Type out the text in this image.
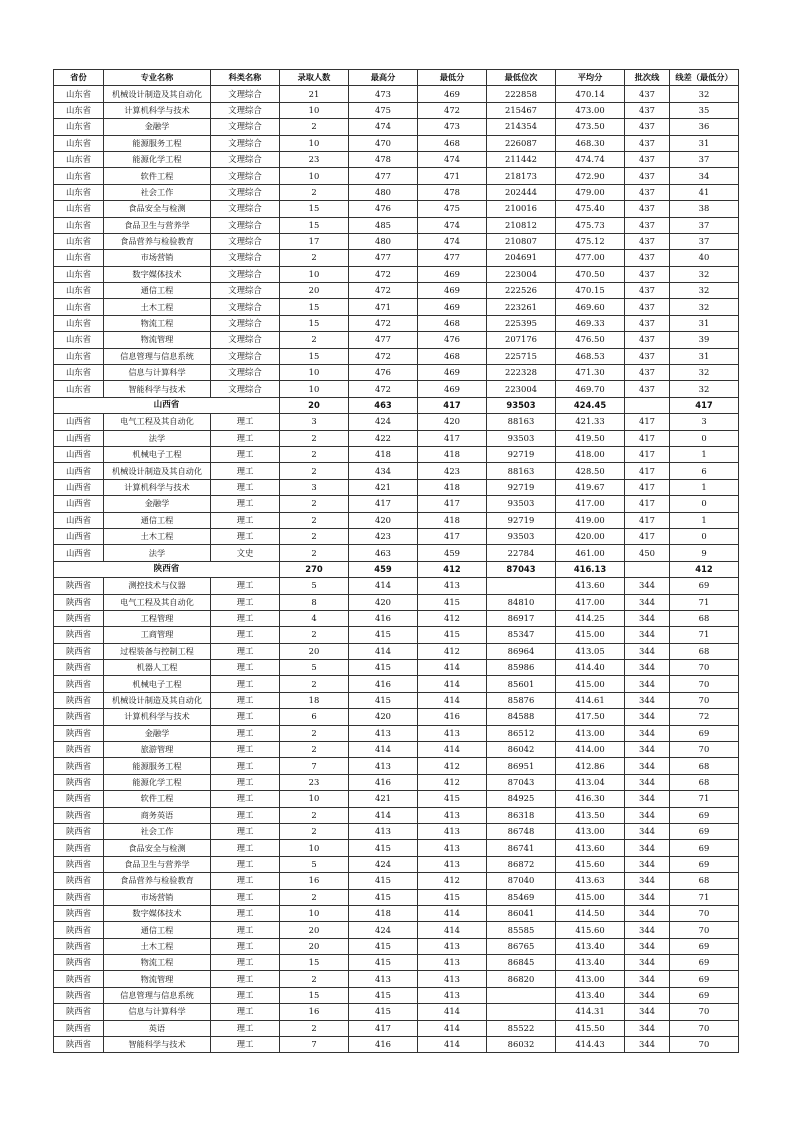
省份	专业名称	科类名称	录取人数	最高分	最低分	最低位次	平均分	批次线	线差（最低分）
山东省	机械设计制造及其自动化	文理综合	21	473	469	222858	470.14	437	32
山东省	计算机科学与技术	文理综合	10	475	472	215467	473.00	437	35
山东省	金融学	文理综合	2	474	473	214354	473.50	437	36
山东省	能源服务工程	文理综合	10	470	468	226087	468.30	437	31
山东省	能源化学工程	文理综合	23	478	474	211442	474.74	437	37
山东省	软件工程	文理综合	10	477	471	218173	472.90	437	34
山东省	社会工作	文理综合	2	480	478	202444	479.00	437	41
山东省	食品安全与检测	文理综合	15	476	475	210016	475.40	437	38
山东省	食品卫生与营养学	文理综合	15	485	474	210812	475.73	437	37
山东省	食品营养与检验教育	文理综合	17	480	474	210807	475.12	437	37
山东省	市场营销	文理综合	2	477	477	204691	477.00	437	40
山东省	数字媒体技术	文理综合	10	472	469	223004	470.50	437	32
山东省	通信工程	文理综合	20	472	469	222526	470.15	437	32
山东省	土木工程	文理综合	15	471	469	223261	469.60	437	32
山东省	物流工程	文理综合	15	472	468	225395	469.33	437	31
山东省	物流管理	文理综合	2	477	476	207176	476.50	437	39
山东省	信息管理与信息系统	文理综合	15	472	468	225715	468.53	437	31
山东省	信息与计算科学	文理综合	10	476	469	222328	471.30	437	32
山东省	智能科学与技术	文理综合	10	472	469	223004	469.70	437	32
山西省			20	463	417	93503	424.45		417
山西省	电气工程及其自动化	理工	3	424	420	88163	421.33	417	3
山西省	法学	理工	2	422	417	93503	419.50	417	0
山西省	机械电子工程	理工	2	418	418	92719	418.00	417	1
山西省	机械设计制造及其自动化	理工	2	434	423	88163	428.50	417	6
山西省	计算机科学与技术	理工	3	421	418	92719	419.67	417	1
山西省	金融学	理工	2	417	417	93503	417.00	417	0
山西省	通信工程	理工	2	420	418	92719	419.00	417	1
山西省	土木工程	理工	2	423	417	93503	420.00	417	0
山西省	法学	文史	2	463	459	22784	461.00	450	9
陕西省			270	459	412	87043	416.13		412
陕西省	测控技术与仪器	理工	5	414	413		413.60	344	69
陕西省	电气工程及其自动化	理工	8	420	415	84810	417.00	344	71
陕西省	工程管理	理工	4	416	412	86917	414.25	344	68
陕西省	工商管理	理工	2	415	415	85347	415.00	344	71
陕西省	过程装备与控制工程	理工	20	414	412	86964	413.05	344	68
陕西省	机器人工程	理工	5	415	414	85986	414.40	344	70
陕西省	机械电子工程	理工	2	416	414	85601	415.00	344	70
陕西省	机械设计制造及其自动化	理工	18	415	414	85876	414.61	344	70
陕西省	计算机科学与技术	理工	6	420	416	84588	417.50	344	72
陕西省	金融学	理工	2	413	413	86512	413.00	344	69
陕西省	旅游管理	理工	2	414	414	86042	414.00	344	70
陕西省	能源服务工程	理工	7	413	412	86951	412.86	344	68
陕西省	能源化学工程	理工	23	416	412	87043	413.04	344	68
陕西省	软件工程	理工	10	421	415	84925	416.30	344	71
陕西省	商务英语	理工	2	414	413	86318	413.50	344	69
陕西省	社会工作	理工	2	413	413	86748	413.00	344	69
陕西省	食品安全与检测	理工	10	415	413	86741	413.60	344	69
陕西省	食品卫生与营养学	理工	5	424	413	86872	415.60	344	69
陕西省	食品营养与检验教育	理工	16	415	412	87040	413.63	344	68
陕西省	市场营销	理工	2	415	415	85469	415.00	344	71
陕西省	数字媒体技术	理工	10	418	414	86041	414.50	344	70
陕西省	通信工程	理工	20	424	414	85585	415.60	344	70
陕西省	土木工程	理工	20	415	413	86765	413.40	344	69
陕西省	物流工程	理工	15	415	413	86845	413.40	344	69
陕西省	物流管理	理工	2	413	413	86820	413.00	344	69
陕西省	信息管理与信息系统	理工	15	415	413		413.40	344	69
陕西省	信息与计算科学	理工	16	415	414		414.31	344	70
陕西省	英语	理工	2	417	414	85522	415.50	344	70
陕西省	智能科学与技术	理工	7	416	414	86032	414.43	344	70
